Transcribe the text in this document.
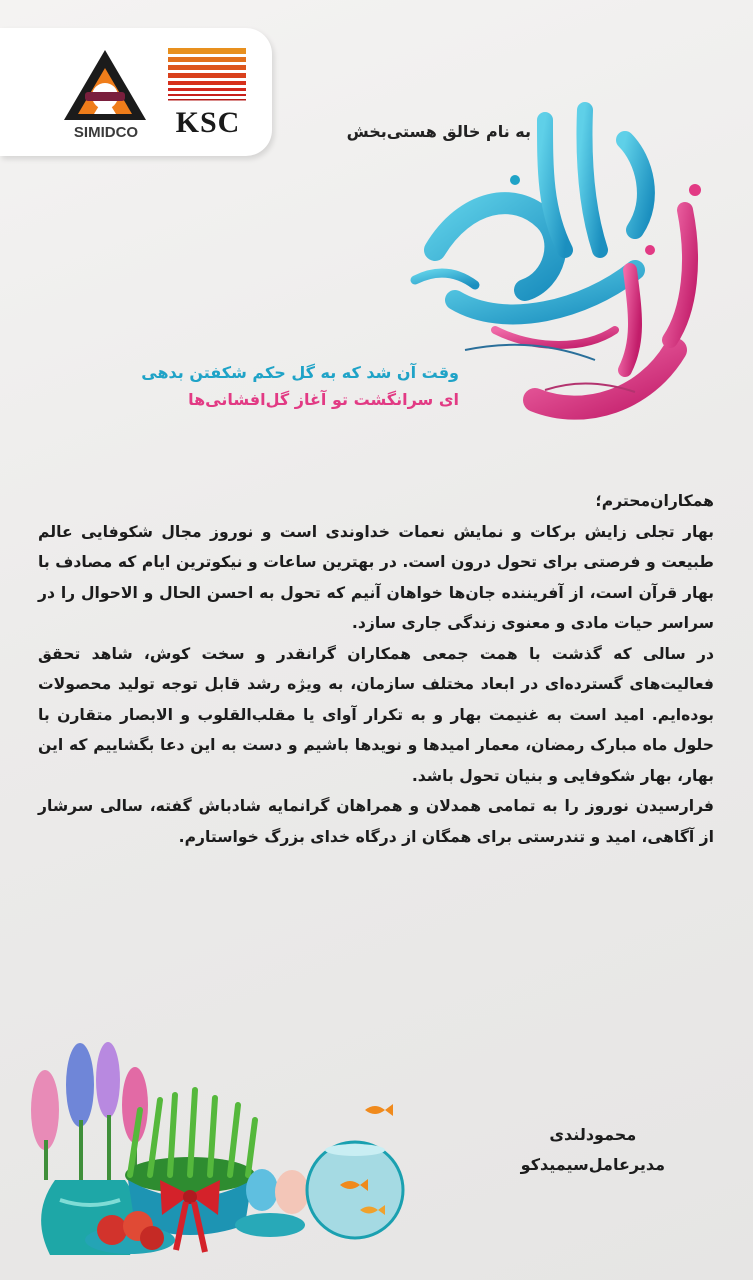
SIMIDCO	KSC	به نام خالق هستی‌بخش
وقت آن شد که به گل حکم شکفتن بدهی
ای سرانگشت تو آغاز گل‌افشانی‌ها

همکاران‌محترم؛

بهار تجلی زایش برکات و نمایش نعمات خداوندی است و نوروز مجال شکوفایی عالم طبیعت و فرصتی برای تحول درون است. در بهترین ساعات و نیکوترین ایام که مصادف با بهار قرآن است، از آفریننده جان‌ها خواهان آنیم که تحول به احسن الحال و الاحوال را در سراسر حیات مادی و معنوی زندگی جاری سازد.

در سالی که گذشت با همت جمعی همکاران گرانقدر و سخت کوش، شاهد تحقق فعالیت‌های گسترده‌ای در ابعاد مختلف سازمان، به ویژه رشد قابل توجه تولید محصولات بوده‌ایم. امید است به غنیمت بهار و به تکرار آوای یا مقلب‌القلوب و الابصار متقارن با حلول ماه مبارک رمضان، معمار امیدها و نویدها باشیم و دست به این دعا بگشاییم که این بهار، بهار شکوفایی و بنیان تحول باشد.

فرارسیدن نوروز را به تمامی همدلان و همراهان گرانمایه شادباش گفته، سالی سرشار از آگاهی، امید و تندرستی برای همگان از درگاه خدای بزرگ خواستارم.

محمودلندی
مدیرعامل‌سیمیدکو
